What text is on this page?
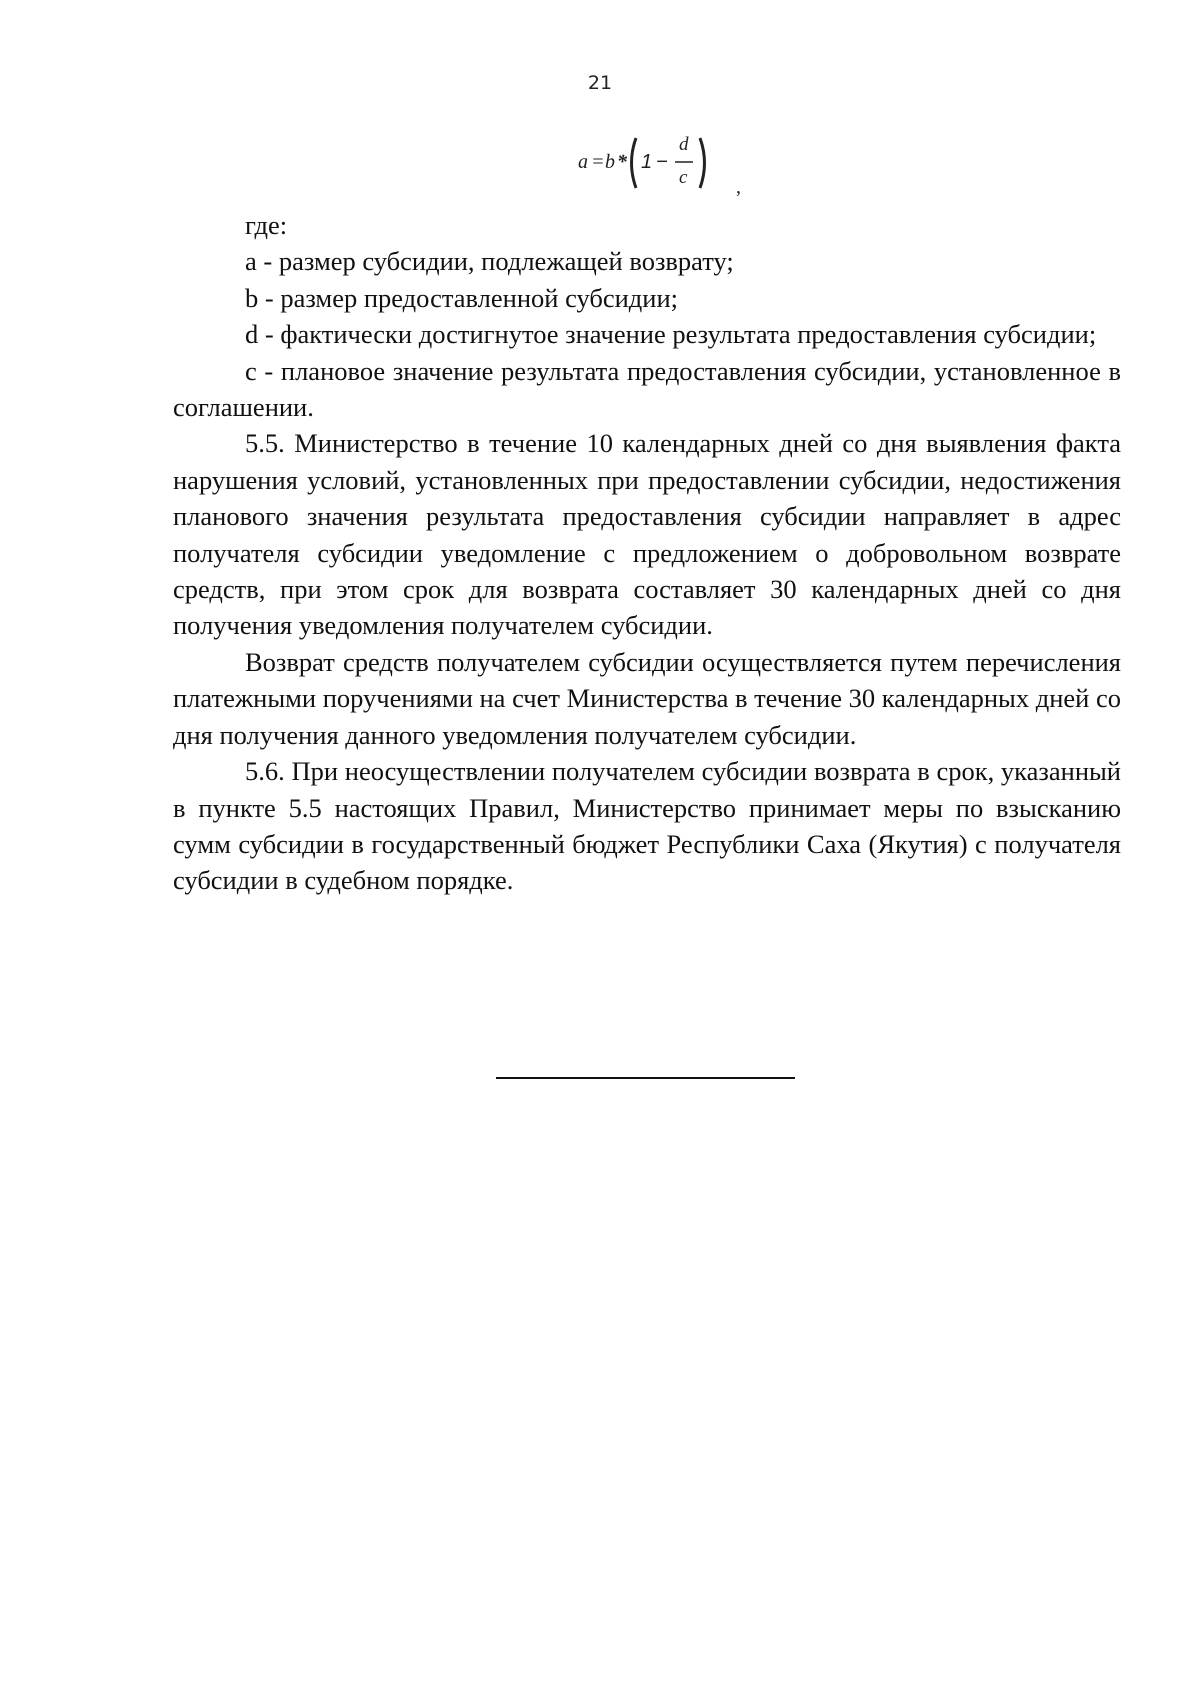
21
a = b * 1 −
d
c ,

где:

а - размер субсидии, подлежащей возврату;

b - размер предоставленной субсидии;

d - фактически достигнутое значение результата предоставления субсидии;

с - плановое значение результата предоставления субсидии, установленное в соглашении.

5.5. Министерство в течение 10 календарных дней со дня выявления факта нарушения условий, установленных при предоставлении субсидии, недостижения планового значения результата предоставления субсидии направляет в адрес получателя субсидии уведомление с предложением о добровольном возврате средств, при этом срок для возврата составляет 30 календарных дней со дня получения уведомления получателем субсидии.

Возврат средств получателем субсидии осуществляется путем перечисления платежными поручениями на счет Министерства в течение 30 календарных дней со дня получения данного уведомления получателем субсидии.

5.6. При неосуществлении получателем субсидии возврата в срок, указанный в пункте 5.5 настоящих Правил, Министерство принимает меры по взысканию сумм субсидии в государственный бюджет Республики Саха (Якутия) с получателя субсидии в судебном порядке.
